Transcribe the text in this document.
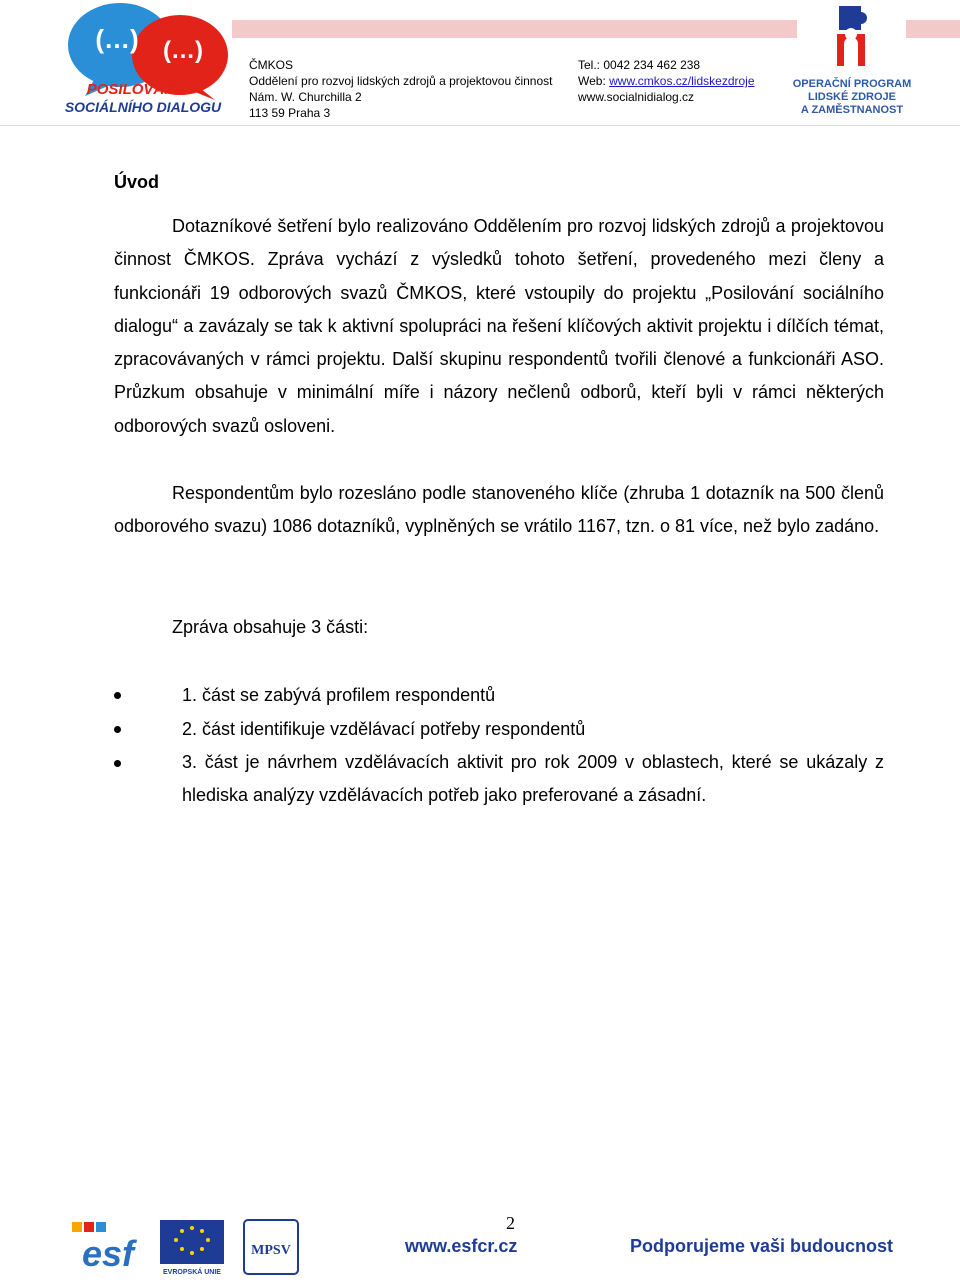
(…) (…)
POSILOVÁNÍ
SOCIÁLNÍHO DIALOGU
ČMKOS
Oddělení pro rozvoj lidských zdrojů a projektovou činnost
Nám. W. Churchilla 2
113 59 Praha 3
Tel.: 0042 234 462 238
Web: www.cmkos.cz/lidskezdroje
www.socialnidialog.cz
OPERAČNÍ PROGRAM
LIDSKÉ ZDROJE
A ZAMĚSTNANOST
Úvod

Dotazníkové šetření bylo realizováno Oddělením pro rozvoj lidských zdrojů a projektovou činnost ČMKOS. Zpráva vychází z výsledků tohoto šetření, provedeného mezi členy a funkcionáři 19 odborových svazů ČMKOS, které vstoupily do projektu „Posilování sociálního dialogu“ a zavázaly se tak k aktivní spolupráci na řešení klíčových aktivit projektu i dílčích témat, zpracovávaných v rámci projektu. Další skupinu respondentů tvořili členové a funkcionáři ASO. Průzkum obsahuje v minimální míře i názory nečlenů odborů, kteří byli v rámci některých odborových svazů osloveni.

Respondentům bylo rozesláno podle stanoveného klíče (zhruba 1 dotazník na 500 členů odborového svazu) 1086 dotazníků, vyplněných se vrátilo 1167, tzn. o 81 více, než bylo zadáno.

Zpráva obsahuje 3 části:
1. část se zabývá profilem respondentů
2. část identifikuje vzdělávací potřeby respondentů
3. část je návrhem vzdělávacích aktivit pro rok 2009 v oblastech, které se ukázaly z hlediska analýzy vzdělávacích potřeb jako preferované a zásadní.
esf	EVROPSKÁ UNIE
MPSV
2
www.esfcr.cz	Podporujeme vaši budoucnost
